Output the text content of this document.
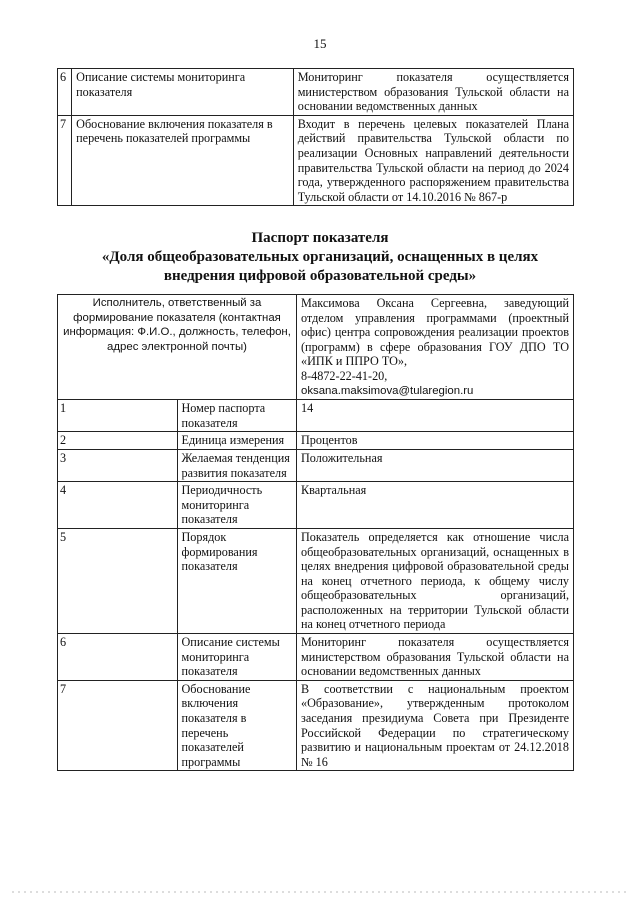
15
6	Описание системы мониторинга показателя	Мониторинг показателя осуществляется министерством образования Тульской области на основании ведомственных данных
7	Обоснование включения показателя в перечень показателей программы	Входит в перечень целевых показателей Плана действий правительства Тульской области по реализации Основных направлений деятельности правительства Тульской области на период до 2024 года, утвержденного распоряжением правительства Тульской области от 14.10.2016 № 867-р
Паспорт показателя
«Доля общеобразовательных организаций, оснащенных в целях
внедрения цифровой образовательной среды»
Исполнитель, ответственный за формирование показателя (контактная информация: Ф.И.О., должность, телефон, адрес электронной почты)		Максимова Оксана Сергеевна, заведующий отделом управления программами (проектный офис) центра сопровождения реализации проектов (программ) в сфере образования ГОУ ДПО ТО «ИПК и ППРО ТО»,
8-4872-22-41-20,
oksana.maksimova@tularegion.ru

1	Номер паспорта показателя	14
2	Единица измерения	Процентов
3	Желаемая тенденция развития показателя	Положительная
4	Периодичность мониторинга показателя	Квартальная
5	Порядок формирования показателя	Показатель определяется как отношение числа общеобразовательных организаций, оснащенных в целях внедрения цифровой образовательной среды на конец отчетного периода, к общему числу общеобразовательных организаций, расположенных на территории Тульской области на конец отчетного периода
6	Описание системы мониторинга показателя	Мониторинг показателя осуществляется министерством образования Тульской области на основании ведомственных данных
7	Обоснование включения показателя в перечень показателей программы	В соответствии с национальным проектом «Образование», утвержденным протоколом заседания президиума Совета при Президенте Российской Федерации по стратегическому развитию и национальным проектам от 24.12.2018 № 16
